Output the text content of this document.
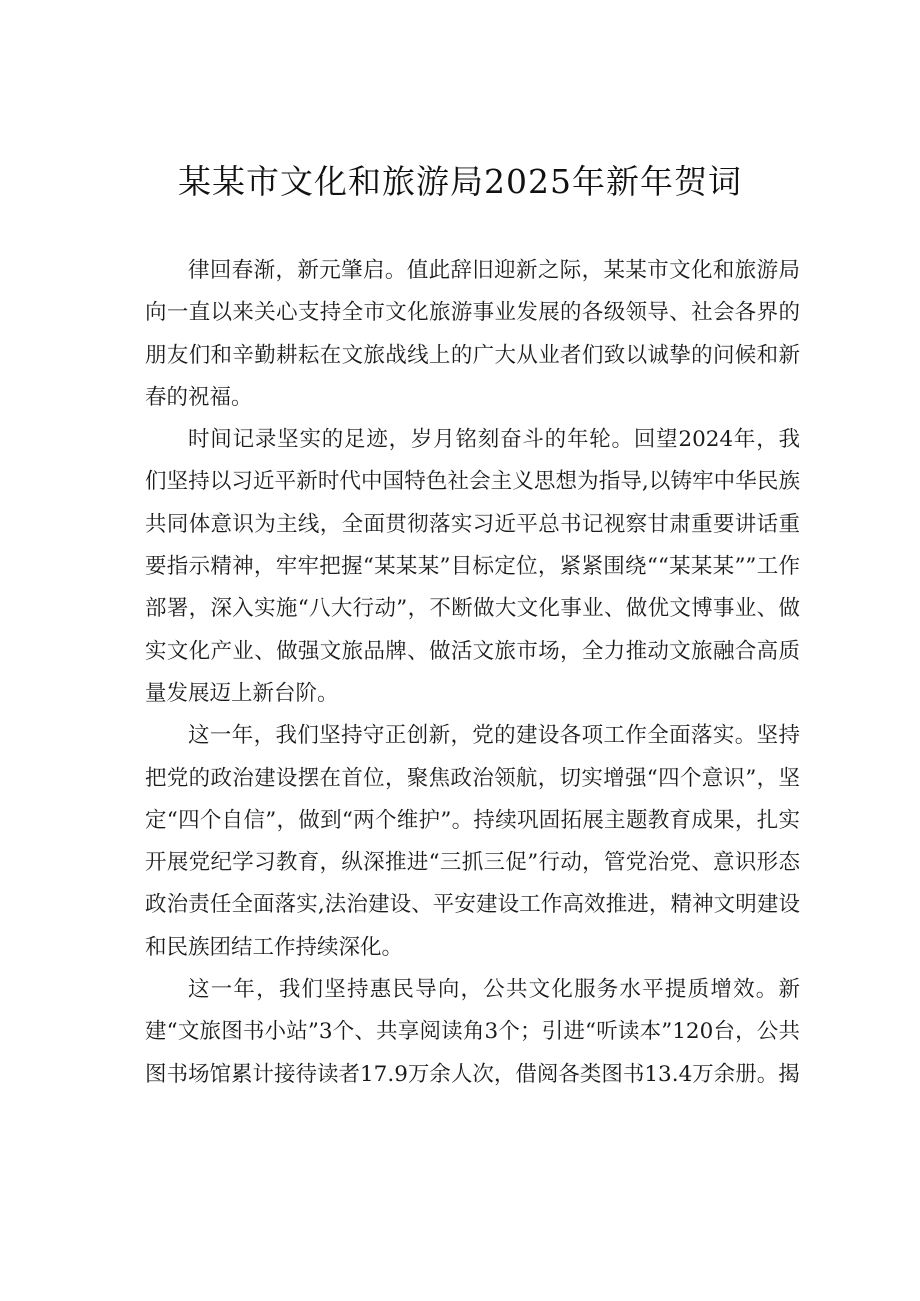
某某市文化和旅游局2025年新年贺词

律回春渐，新元肇启。值此辞旧迎新之际，某某市文化和旅游局向一直以来关心支持全市文化旅游事业发展的各级领导、社会各界的朋友们和辛勤耕耘在文旅战线上的广大从业者们致以诚挚的问候和新春的祝福。

时间记录坚实的足迹，岁月铭刻奋斗的年轮。回望2024年，我们坚持以习近平新时代中国特色社会主义思想为指导,以铸牢中华民族共同体意识为主线，全面贯彻落实习近平总书记视察甘肃重要讲话重要指示精神，牢牢把握“某某某”目标定位，紧紧围绕““某某某””工作部署，深入实施“八大行动”，不断做大文化事业、做优文博事业、做实文化产业、做强文旅品牌、做活文旅市场，全力推动文旅融合高质量发展迈上新台阶。

这一年，我们坚持守正创新，党的建设各项工作全面落实。坚持把党的政治建设摆在首位，聚焦政治领航，切实增强“四个意识”，坚定“四个自信”，做到“两个维护”。持续巩固拓展主题教育成果，扎实开展党纪学习教育，纵深推进“三抓三促”行动，管党治党、意识形态政治责任全面落实,法治建设、平安建设工作高效推进，精神文明建设和民族团结工作持续深化。

这一年，我们坚持惠民导向，公共文化服务水平提质增效。新建“文旅图书小站”3个、共享阅读角3个；引进“听读本”120台，公共图书场馆累计接待读者17.9万余人次，借阅各类图书13.4万余册。揭
